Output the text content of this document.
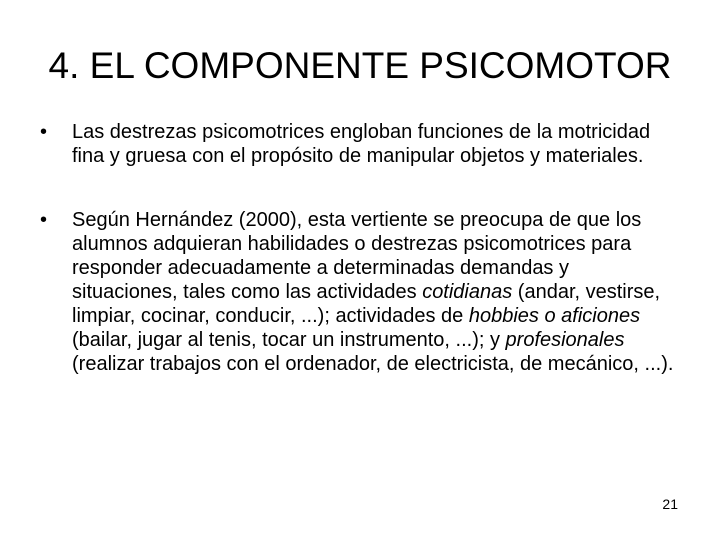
4. EL COMPONENTE PSICOMOTOR
•	Las destrezas psicomotrices engloban funciones de la motricidad fina y gruesa con el propósito de manipular objetos y materiales.
•	Según Hernández (2000), esta vertiente se preocupa de que los alumnos adquieran habilidades o destrezas psicomotrices para responder adecuadamente a determinadas demandas y situaciones, tales como las actividades cotidianas (andar, vestirse, limpiar, cocinar, conducir, ...); actividades de hobbies o aficiones (bailar, jugar al tenis, tocar un instrumento, ...); y profesionales (realizar trabajos con el ordenador, de electricista, de mecánico, ...).
21
